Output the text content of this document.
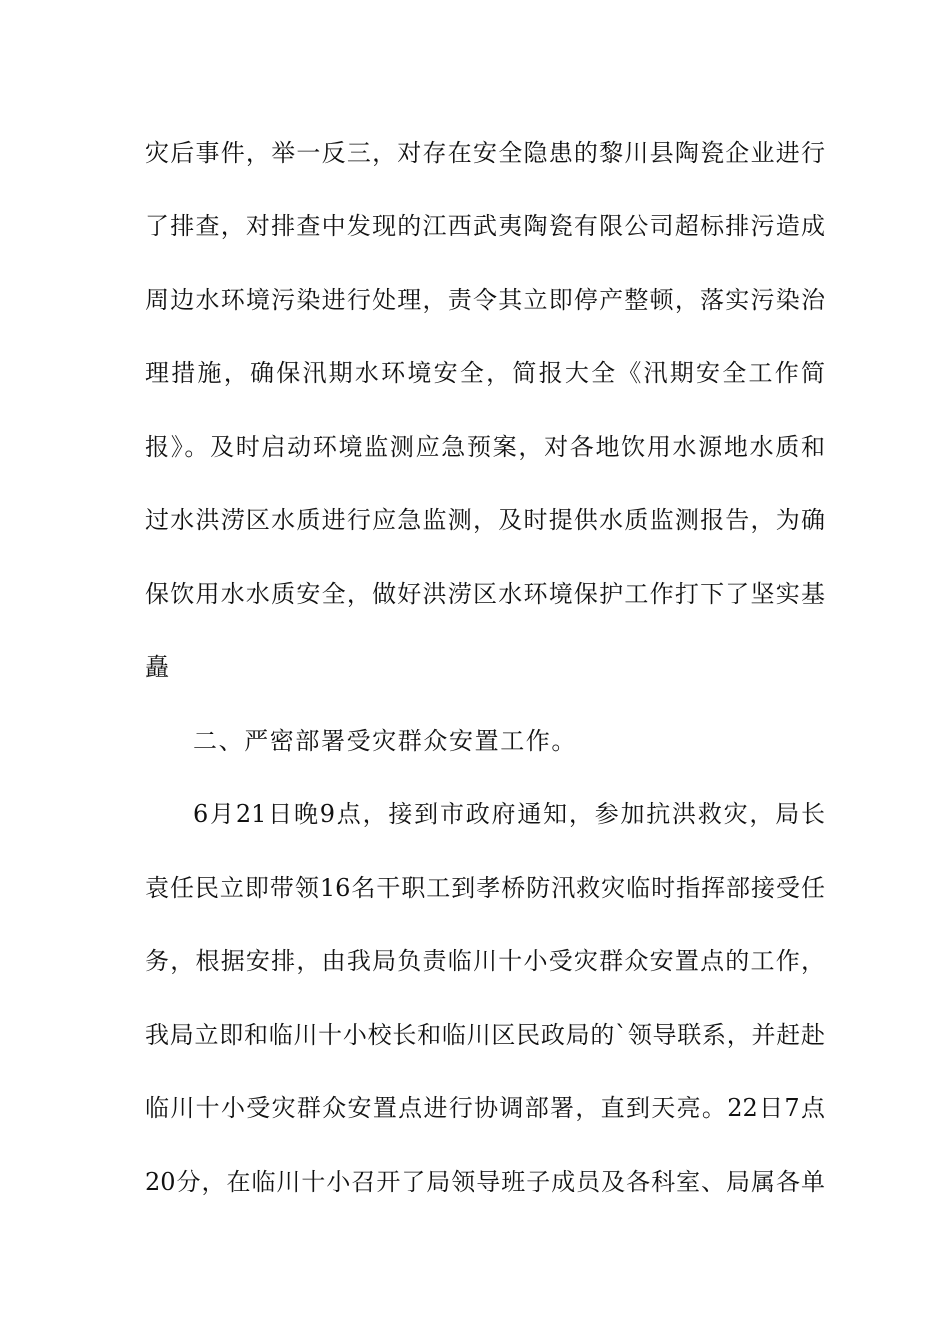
灾后事件，举一反三，对存在安全隐患的黎川县陶瓷企业进行
了排查，对排查中发现的江西武夷陶瓷有限公司超标排污造成
周边水环境污染进行处理，责令其立即停产整顿，落实污染治
理措施，确保汛期水环境安全，简报大全《汛期安全工作简
报》。及时启动环境监测应急预案，对各地饮用水源地水质和
过水洪涝区水质进行应急监测，及时提供水质监测报告，为确
保饮用水水质安全，做好洪涝区水环境保护工作打下了坚实基
矗
二、严密部署受灾群众安置工作。
6月21日晚9点，接到市政府通知，参加抗洪救灾，局长
袁任民立即带领16名干职工到孝桥防汛救灾临时指挥部接受任
务，根据安排，由我局负责临川十小受灾群众安置点的工作，
我局立即和临川十小校长和临川区民政局的`领导联系，并赶赴
临川十小受灾群众安置点进行协调部署，直到天亮。22日7点
20分，在临川十小召开了局领导班子成员及各科室、局属各单
